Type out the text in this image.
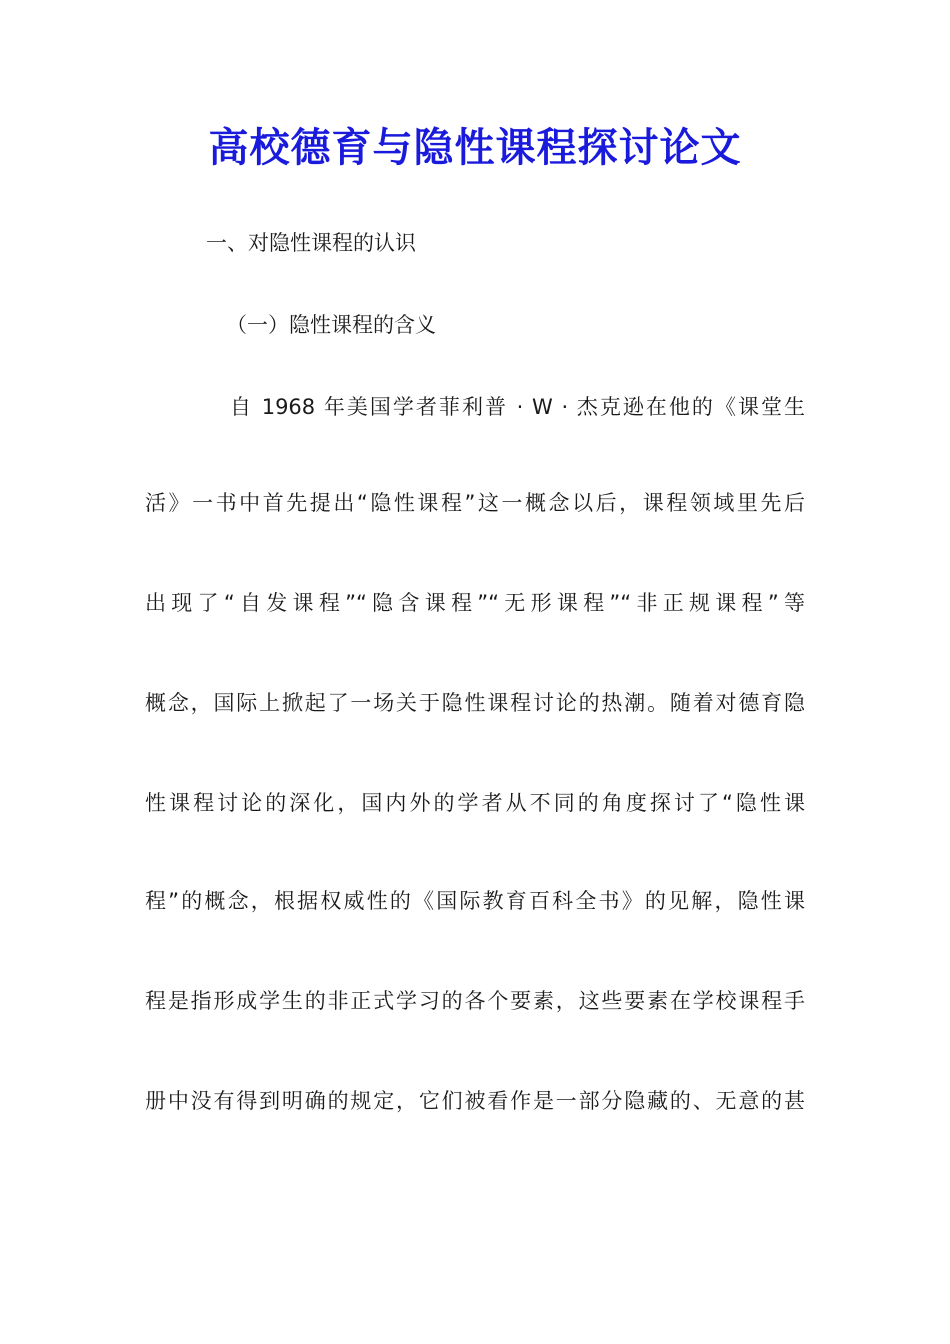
高校德育与隐性课程探讨论文

一、对隐性课程的认识

（一）隐性课程的含义

自 1968 年美国学者菲利普 · W · 杰克逊在他的《课堂生

活》一书中首先提出“隐性课程”这一概念以后，课程领域里先后

出现了“自发课程”“隐含课程”“无形课程”“非正规课程”等

概念，国际上掀起了一场关于隐性课程讨论的热潮。随着对德育隐

性课程讨论的深化，国内外的学者从不同的角度探讨了“隐性课

程”的概念，根据权威性的《国际教育百科全书》的见解，隐性课

程是指形成学生的非正式学习的各个要素，这些要素在学校课程手

册中没有得到明确的规定，它们被看作是一部分隐藏的、无意的甚
